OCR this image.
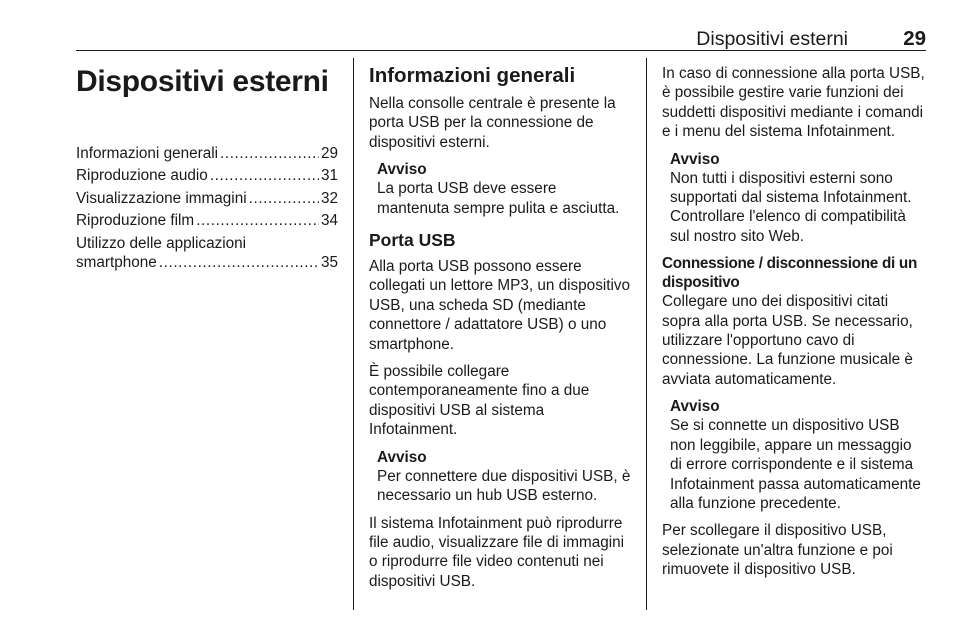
Dispositivi esterni	29
Dispositivi esterni
Informazioni generali .....	29
Riproduzione audio .....	31
Visualizzazione immagini .....	32
Riproduzione film .....	34
Utilizzo delle applicazioni
smartphone .....	35
Informazioni generali

Nella consolle centrale è presente la porta USB per la connessione de dispositivi esterni.

Avviso

La porta USB deve essere mantenuta sempre pulita e asciutta.

Porta USB

Alla porta USB possono essere collegati un lettore MP3, un dispositivo USB, una scheda SD (mediante connettore / adattatore USB) o uno smartphone.

È possibile collegare contemporaneamente fino a due dispositivi USB al sistema Infotainment.

Avviso

Per connettere due dispositivi USB, è necessario un hub USB esterno.

Il sistema Infotainment può riprodurre file audio, visualizzare file di immagini o riprodurre file video contenuti nei dispositivi USB.

In caso di connessione alla porta USB, è possibile gestire varie funzioni dei suddetti dispositivi mediante i comandi e i menu del sistema Infotainment.

Avviso

Non tutti i dispositivi esterni sono supportati dal sistema Infotainment. Controllare l'elenco di compatibilità sul nostro sito Web.

Connessione / disconnessione di un dispositivo

Collegare uno dei dispositivi citati sopra alla porta USB. Se necessario, utilizzare l'opportuno cavo di connessione. La funzione musicale è avviata automaticamente.

Avviso

Se si connette un dispositivo USB non leggibile, appare un messaggio di errore corrispondente e il sistema Infotainment passa automaticamente alla funzione precedente.

Per scollegare il dispositivo USB, selezionate un'altra funzione e poi rimuovete il dispositivo USB.
